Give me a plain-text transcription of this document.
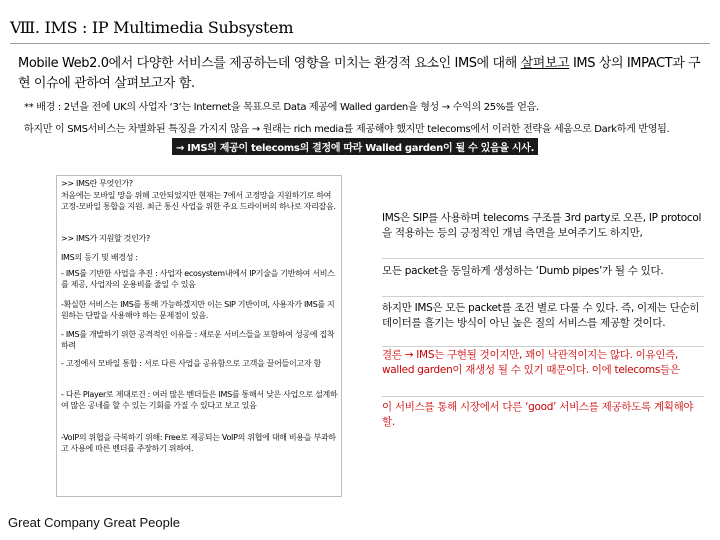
Ⅷ. IMS : IP Multimedia Subsystem
Mobile Web2.0에서 다양한 서비스를 제공하는데 영향을 미치는 환경적 요소인 IMS에 대해 살펴보고 IMS 상의 IMPACT과 구현 이슈에 관하여 살펴보고자 함.
** 배경 : 2년을 전에 UK의 사업자 ‘3’는 Internet을 목표으로 Data 제공에 Walled garden을 형성 → 수익의 25%를 얻음.
하지만 이 SMS서비스는 차별화된 특징을 가지지 않음 → 원래는 rich media를 제공해야 했지만 telecoms에서 이러한 전략을 세움으로 Dark하게 반영됨.
→ IMS의 제공이 telecoms의 결정에 따라 Walled garden이 될 수 있음을 시사.
>> IMS란 무엇인가?
처음에는 모바일 망을 위해 고안되었지만 현재는 7에서 고정망을 지원하기로 하여 고정-모바일 통합을 지원. 최근 통신 사업을 위한 주요 드라이버의 하나로 자리잡음.
>> IMS가 지원할 것인가?
IMS의 등기 및 배경성 :
- IMS를 기반한 사업을 추진 : 사업자 ecosystem내에서 IP기술을 기반하여 서비스를 제공, 사업자의 운용비를 줄일 수 있음
-확실한 서비스는 IMS를 통해 가능하겠지만 이는 SIP 기반이며, 사용자가 IMS를 지원하는 단말을 사용해야 하는 문제점이 있음.
- IMS를 개발하기 위한 공격적인 이유들 : 새로운 서비스들을 포함하여 성공에 집착하려
- 고정에서 모바일 통합 : 서로 다른 사업을 공유함으로 고객을 끌어들이고자 함
- 다른 Player로 제대로건 : 여러 많은 벤더들은 IMS를 통해서 낮은 사업으로 설계하여 많은 공네를 할 수 있는 기회를 가질 수 있다고 보고 있음
-VoIP의 위협을 극복하기 위해: Free로 제공되는 VoIP의 위협에 대해 비용을 부과하고 사용에 따른 벤더를 주장하기 위하여.
IMS은 SIP를 사용하며 telecoms 구조를 3rd party로 오픈, IP protocol을 적용하는 등의 긍정적인 개념 측면을 보여주기도 하지만,
모든 packet을 동일하게 생성하는 ‘Dumb pipes’가 될 수 있다.
하지만 IMS은 모든 packet를 조건 별로 다룰 수 있다. 즉, 이제는 단순히 데이터를 흘기는 방식이 아닌 높은 질의 서비스를 제공할 것이다.
결론 → IMS는 구현될 것이지만, 꽤이 낙관적이지는 않다. 이유인즉, walled garden이 재생성 될 수 있기 때문이다. 이에 telecoms들은
이 서비스를 통해 시장에서 다른 ‘good’ 서비스를 제공하도록 계획해야 할.
Great Company Great People
